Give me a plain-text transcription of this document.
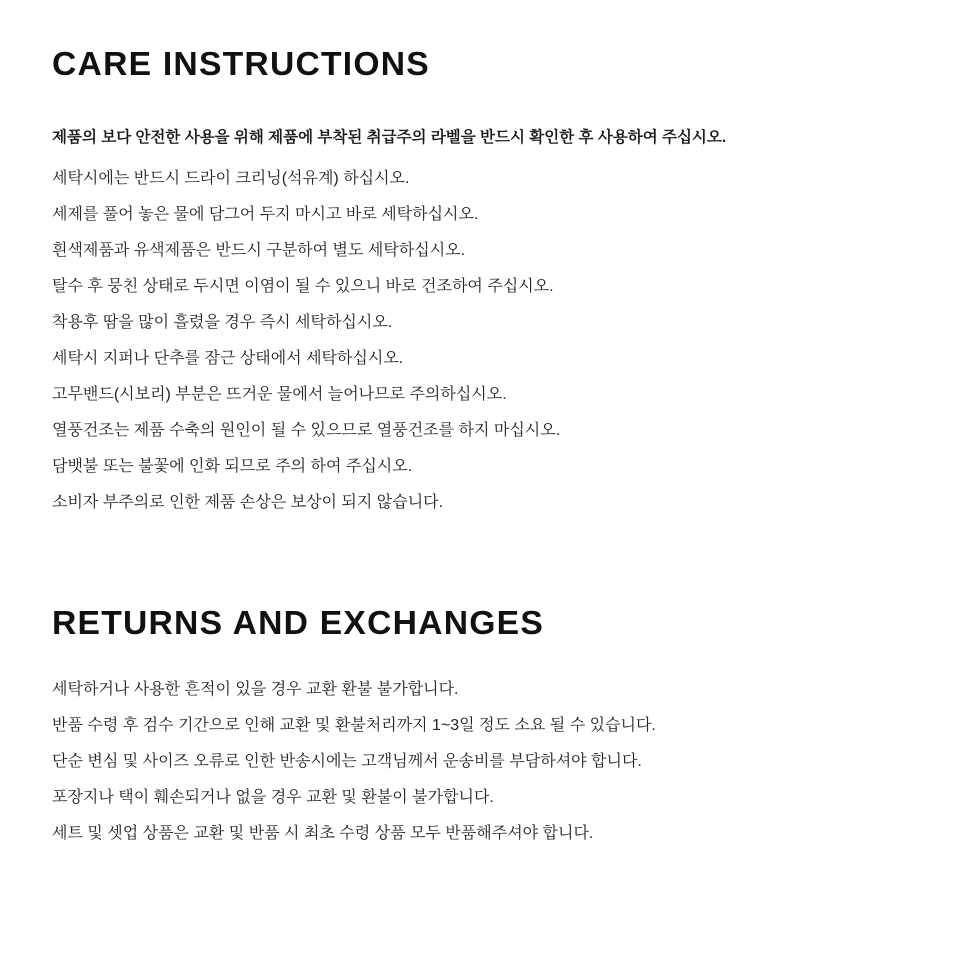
CARE INSTRUCTIONS

제품의 보다 안전한 사용을 위해 제품에 부착된 취급주의 라벨을 반드시 확인한 후 사용하여 주십시오.

세탁시에는 반드시 드라이 크리닝(석유계) 하십시오.
세제를 풀어 놓은 물에 담그어 두지 마시고 바로 세탁하십시오.
흰색제품과 유색제품은 반드시 구분하여 별도 세탁하십시오.
탈수 후 뭉친 상태로 두시면 이염이 될 수 있으니 바로 건조하여 주십시오.
착용후 땀을 많이 흘렸을 경우 즉시 세탁하십시오.
세탁시 지퍼나 단추를 잠근 상태에서 세탁하십시오.
고무밴드(시보리) 부분은 뜨거운 물에서 늘어나므로 주의하십시오.
열풍건조는 제품 수축의 원인이 될 수 있으므로 열풍건조를 하지 마십시오.
담뱃불 또는 불꽃에 인화 되므로 주의 하여 주십시오.
소비자 부주의로 인한 제품 손상은 보상이 되지 않습니다.
RETURNS AND EXCHANGES
세탁하거나 사용한 흔적이 있을 경우 교환 환불 불가합니다.
반품 수령 후 검수 기간으로 인해 교환 및 환불처리까지 1~3일 정도 소요 될 수 있습니다.
단순 변심 및 사이즈 오류로 인한 반송시에는 고객님께서 운송비를 부담하셔야 합니다.
포장지나 택이 훼손되거나 없을 경우 교환 및 환불이 불가합니다.
세트 및 셋업 상품은 교환 및 반품 시 최초 수령 상품 모두 반품해주셔야 합니다.
